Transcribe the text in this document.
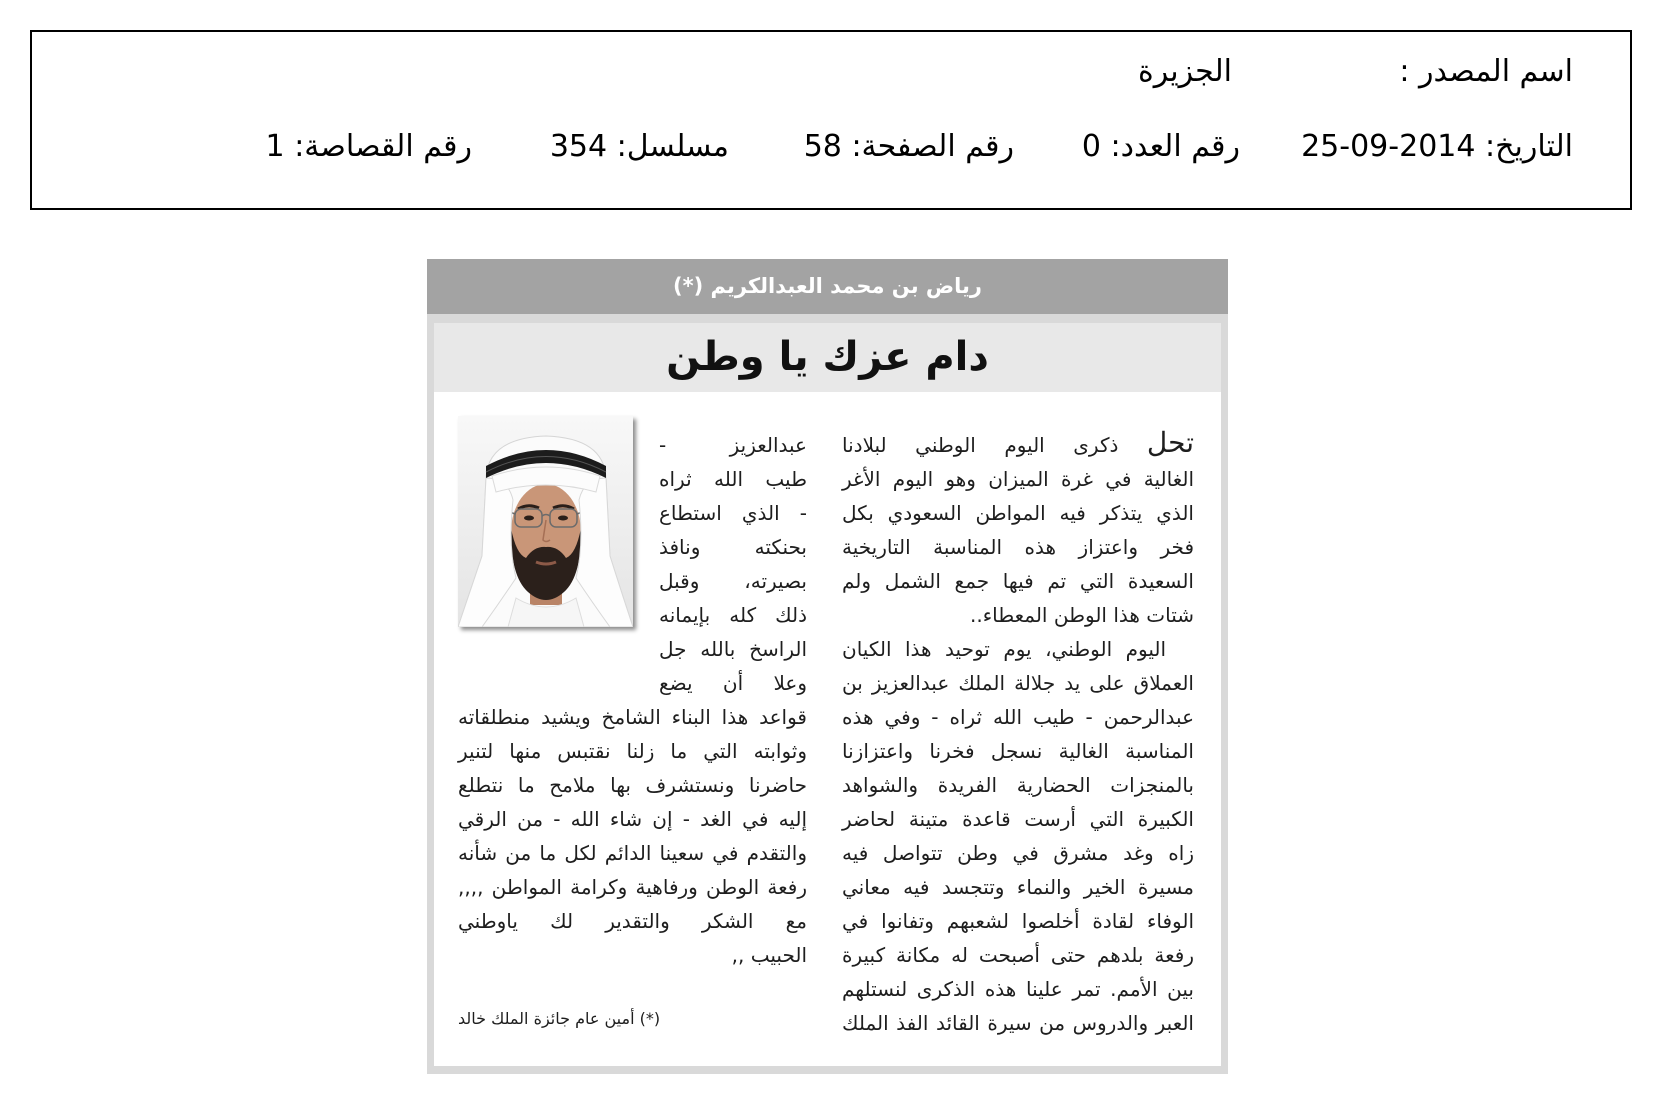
اسم المصدر :
الجزيرة
التاريخ: 2014-09-25
رقم العدد: 0
رقم الصفحة: 58
مسلسل: 354
رقم القصاصة: 1
رياض بن محمد العبدالكريم (*)
دام عزك يا وطن
تحل ذكرى اليوم الوطني لبلادنا
الغالية في غرة الميزان وهو اليوم الأغر
الذي يتذكر فيه المواطن السعودي بكل
فخر واعتزاز هذه المناسبة التاريخية
السعيدة التي تم فيها جمع الشمل ولم
شتات هذا الوطن المعطاء..
اليوم الوطني، يوم توحيد هذا الكيان
العملاق على يد جلالة الملك عبدالعزيز بن
عبدالرحمن - طيب الله ثراه - وفي هذه
المناسبة الغالية نسجل فخرنا واعتزازنا
بالمنجزات الحضارية الفريدة والشواهد
الكبيرة التي أرست قاعدة متينة لحاضر
زاه وغد مشرق في وطن تتواصل فيه
مسيرة الخير والنماء وتتجسد فيه معاني
الوفاء لقادة أخلصوا لشعبهم وتفانوا في
رفعة بلدهم حتى أصبحت له مكانة كبيرة
بين الأمم. تمر علينا هذه الذكرى لنستلهم
العبر والدروس من سيرة القائد الفذ الملك
عبدالعزيز -
طيب الله ثراه
- الذي استطاع
بحنكته ونافذ
بصيرته، وقبل
ذلك كله بإيمانه
الراسخ بالله جل
وعلا أن يضع
قواعد هذا البناء الشامخ ويشيد منطلقاته
وثوابته التي ما زلنا نقتبس منها لتنير
حاضرنا ونستشرف بها ملامح ما نتطلع
إليه في الغد - إن شاء الله - من الرقي
والتقدم في سعينا الدائم لكل ما من شأنه
رفعة الوطن ورفاهية وكرامة المواطن ,,,,
مع الشكر والتقدير لك ياوطني
الحبيب ,,
(*) أمين عام جائزة الملك خالد
